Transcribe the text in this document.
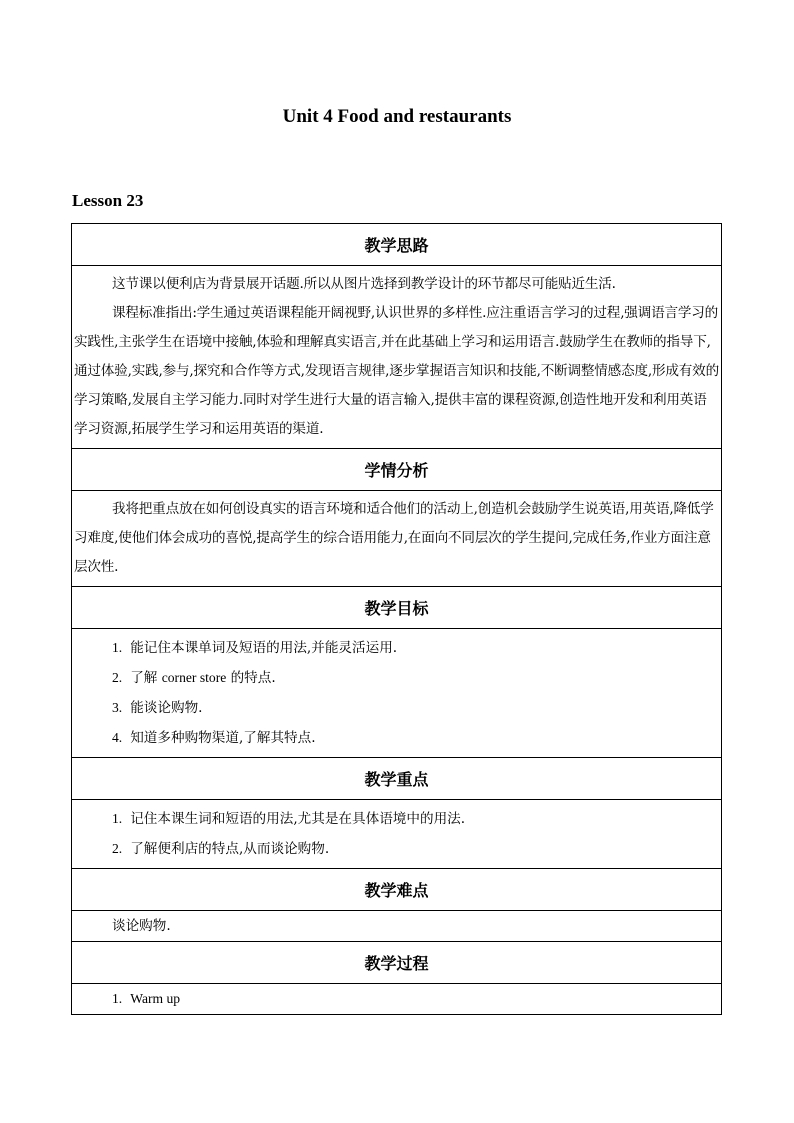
Unit 4 Food and restaurants
Lesson 23
教学思路

这节课以便利店为背景展开话题.所以从图片选择到教学设计的环节都尽可能贴近生活.

课程标准指出:学生通过英语课程能开阔视野,认识世界的多样性.应注重语言学习的过程,强调语言学习的实践性,主张学生在语境中接触,体验和理解真实语言,并在此基础上学习和运用语言.鼓励学生在教师的指导下,通过体验,实践,参与,探究和合作等方式,发现语言规律,逐步掌握语言知识和技能,不断调整情感态度,形成有效的学习策略,发展自主学习能力.同时对学生进行大量的语言输入,提供丰富的课程资源,创造性地开发和利用英语学习资源,拓展学生学习和运用英语的渠道.

学情分析

我将把重点放在如何创设真实的语言环境和适合他们的活动上,创造机会鼓励学生说英语,用英语,降低学习难度,使他们体会成功的喜悦,提高学生的综合语用能力,在面向不同层次的学生提问,完成任务,作业方面注意层次性.

教学目标

1. 能记住本课单词及短语的用法,并能灵活运用.

2. 了解 corner store 的特点.

3. 能谈论购物.

4. 知道多种购物渠道,了解其特点.

教学重点

1. 记住本课生词和短语的用法,尤其是在具体语境中的用法.

2. 了解便利店的特点,从而谈论购物.

教学难点

谈论购物.

教学过程

1. Warm up
